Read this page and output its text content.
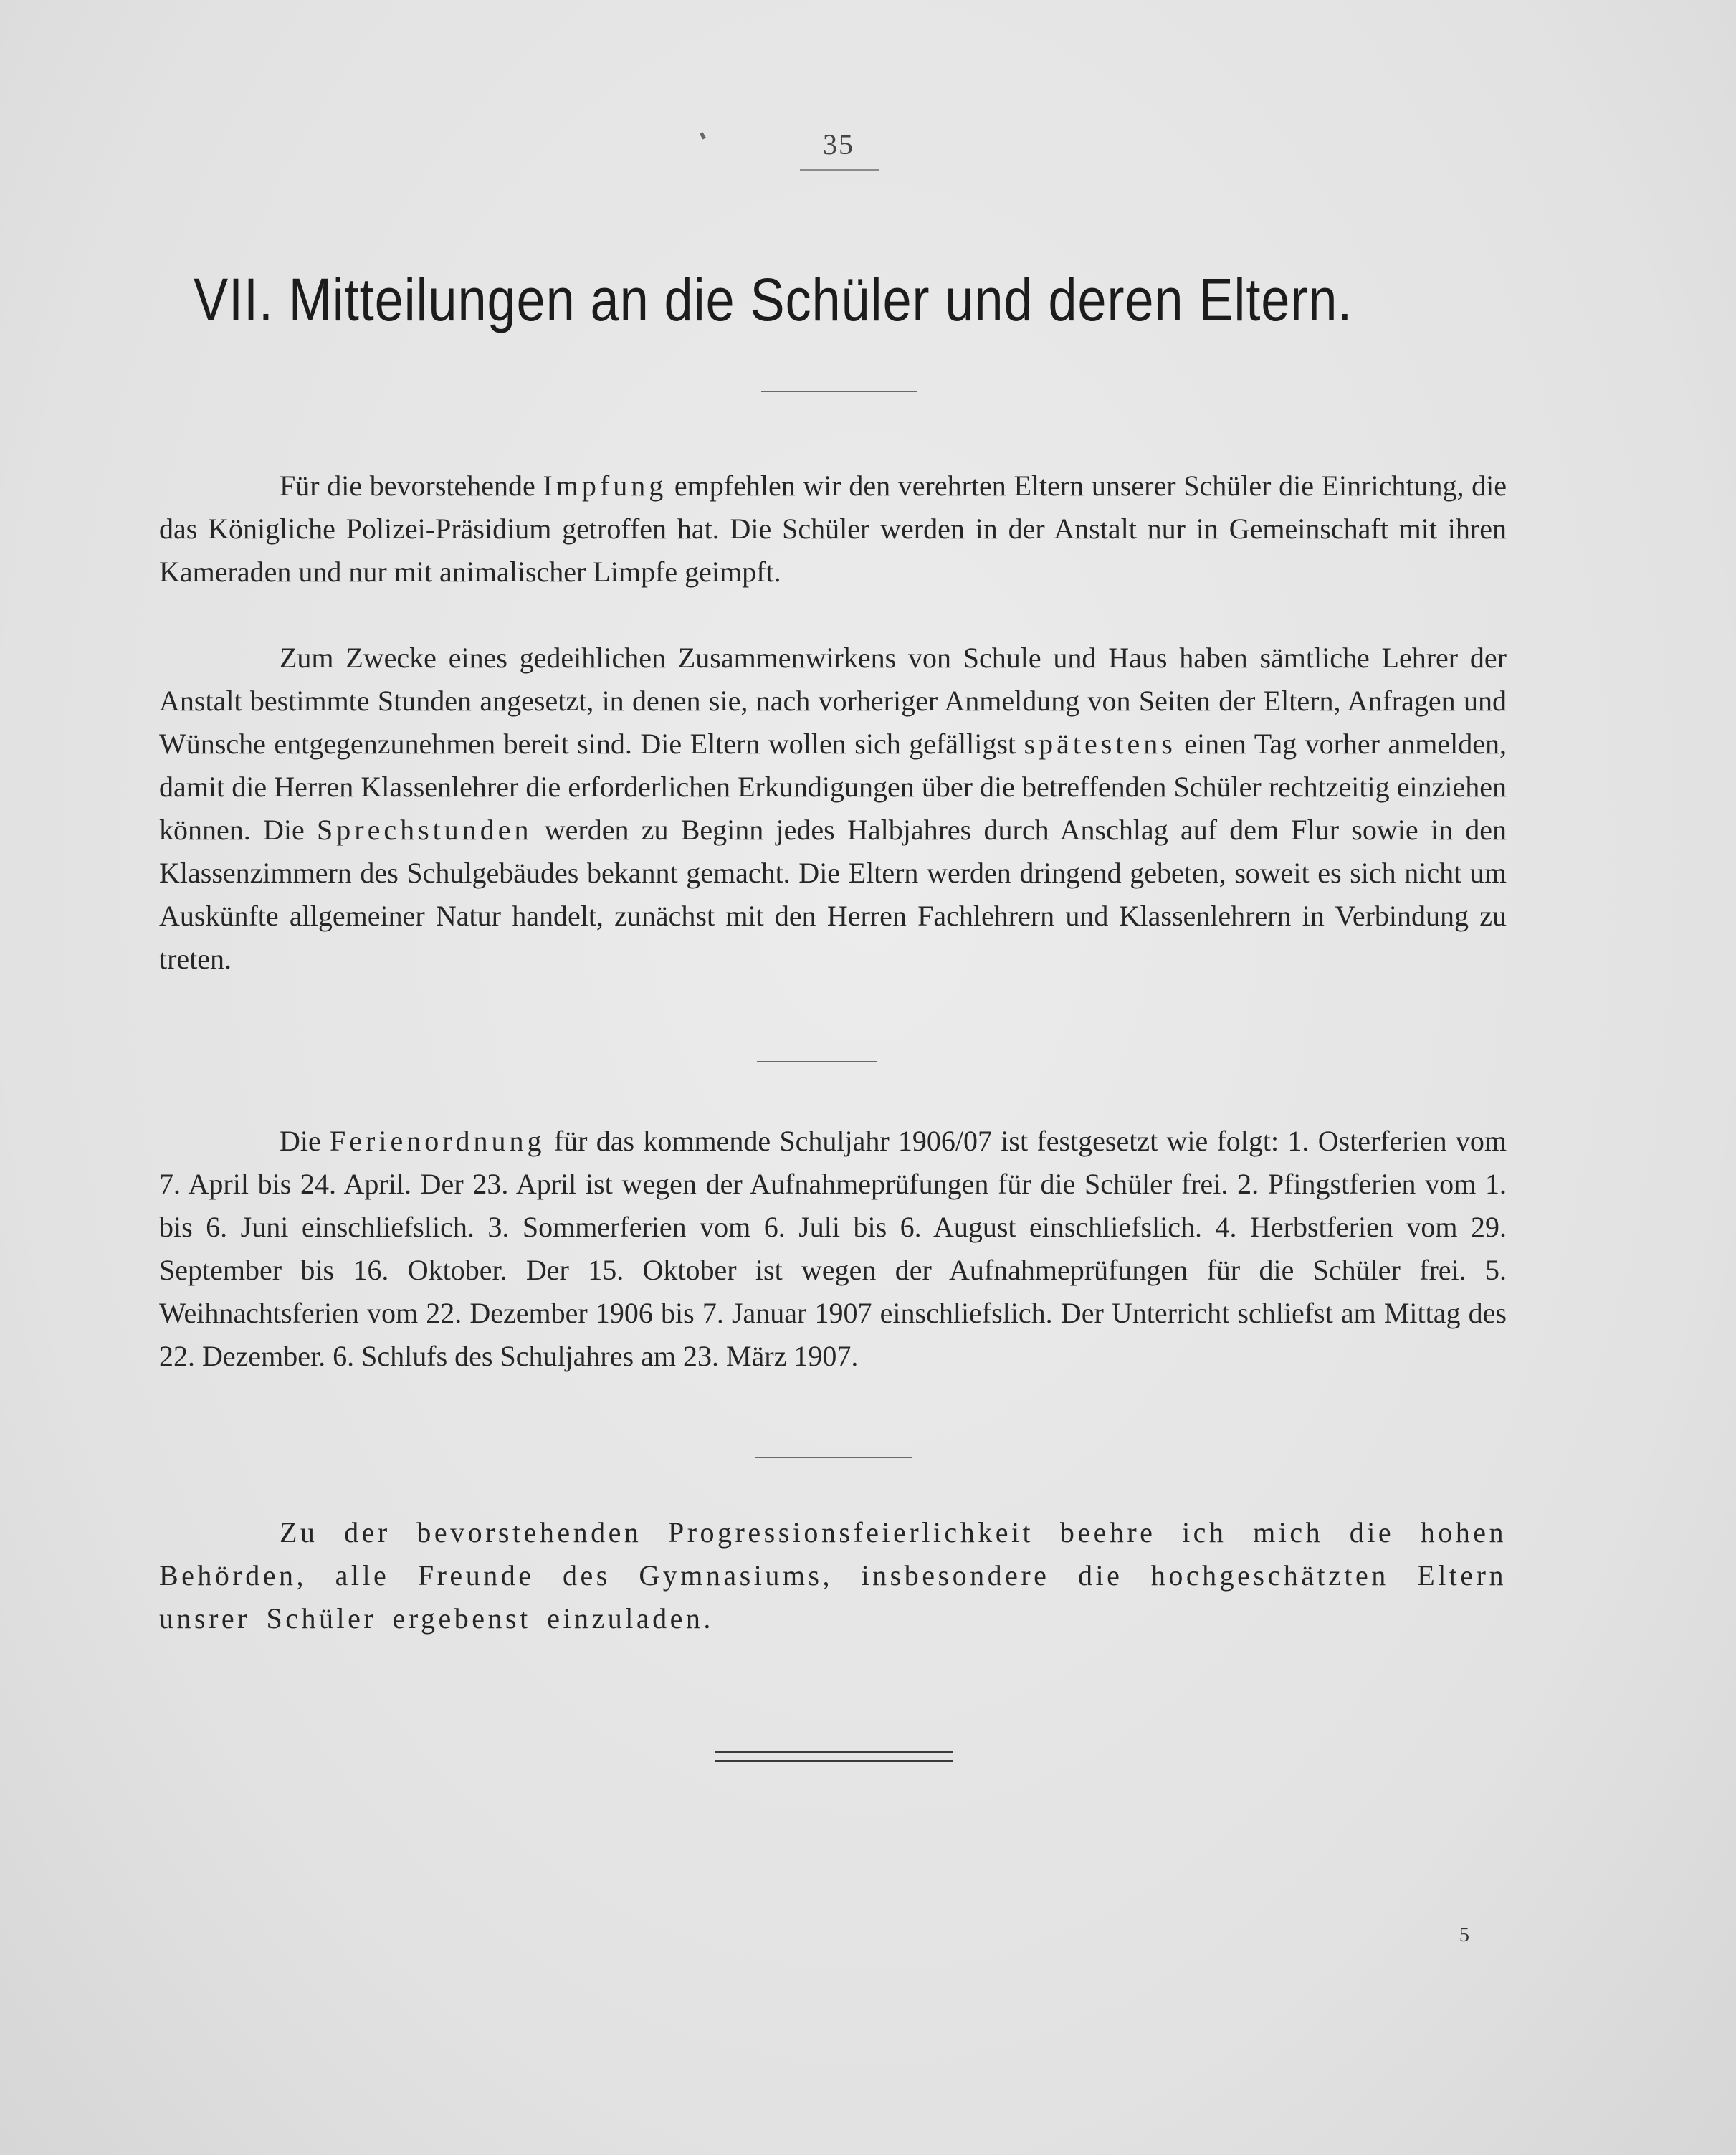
35
VII. Mitteilungen an die Schüler und deren Eltern.

Für die bevorstehende Impfung empfehlen wir den verehrten Eltern unserer Schüler die Einrichtung, die das Königliche Polizei-Präsidium getroffen hat. Die Schüler werden in der Anstalt nur in Gemeinschaft mit ihren Kameraden und nur mit animalischer Limpfe geimpft.

Zum Zwecke eines gedeihlichen Zusammenwirkens von Schule und Haus haben sämtliche Lehrer der Anstalt bestimmte Stunden angesetzt, in denen sie, nach vorheriger Anmeldung von Seiten der Eltern, Anfragen und Wünsche entgegenzunehmen bereit sind. Die Eltern wollen sich gefälligst spätestens einen Tag vorher anmelden, damit die Herren Klassenlehrer die erforderlichen Erkundigungen über die betreffenden Schüler rechtzeitig einziehen können. Die Sprechstunden werden zu Beginn jedes Halbjahres durch Anschlag auf dem Flur sowie in den Klassenzimmern des Schulgebäudes bekannt gemacht. Die Eltern werden dringend gebeten, soweit es sich nicht um Auskünfte allgemeiner Natur handelt, zunächst mit den Herren Fachlehrern und Klassenlehrern in Verbindung zu treten.

Die Ferienordnung für das kommende Schuljahr 1906/07 ist festgesetzt wie folgt: 1. Osterferien vom 7. April bis 24. April. Der 23. April ist wegen der Aufnahmeprüfungen für die Schüler frei. 2. Pfingstferien vom 1. bis 6. Juni einschliefslich. 3. Sommerferien vom 6. Juli bis 6. August einschliefslich. 4. Herbstferien vom 29. September bis 16. Oktober. Der 15. Oktober ist wegen der Aufnahmeprüfungen für die Schüler frei. 5. Weihnachtsferien vom 22. Dezember 1906 bis 7. Januar 1907 einschliefslich. Der Unterricht schliefst am Mittag des 22. Dezember. 6. Schlufs des Schuljahres am 23. März 1907.

Zu der bevorstehenden Progressionsfeierlichkeit beehre ich mich die hohen Behörden, alle Freunde des Gymnasiums, insbesondere die hochgeschätzten Eltern unsrer Schüler ergebenst einzuladen.

5
